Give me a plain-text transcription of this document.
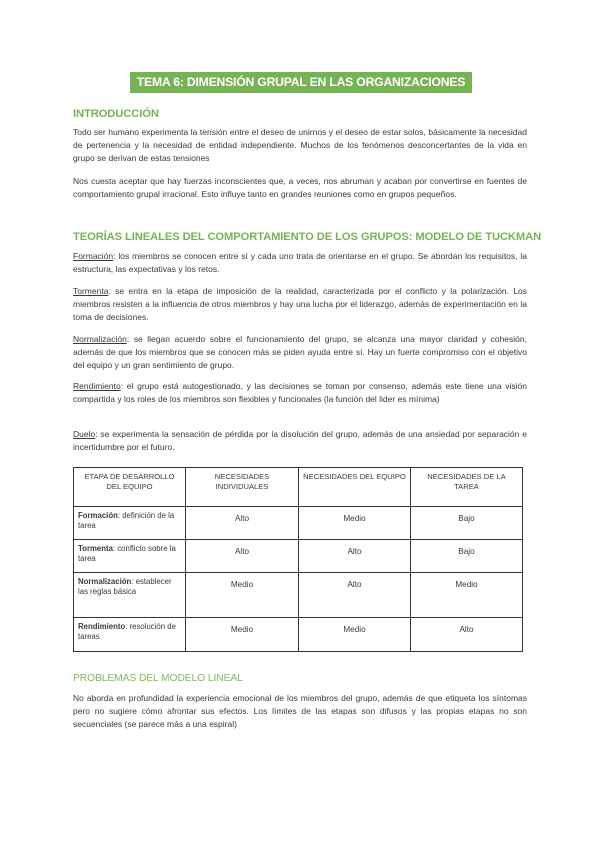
TEMA 6: DIMENSIÓN GRUPAL EN LAS ORGANIZACIONES
INTRODUCCIÓN
Todo ser humano experimenta la tensión entre el deseo de unirnos y el deseo de estar solos, básicamente la necesidad de pertenencia y la necesidad de entidad independiente. Muchos de los fenómenos desconcertantes de la vida en grupo se derivan de estas tensiones
Nos cuesta aceptar que hay fuerzas inconscientes que, a veces, nos abruman y acaban por convertirse en fuentes de comportamiento grupal irracional. Esto influye tanto en grandes reuniones como en grupos pequeños.
TEORÍAS LINEALES DEL COMPORTAMIENTO DE LOS GRUPOS: MODELO DE TUCKMAN
Formación: los miembros se conocen entre sí y cada uno trata de orientarse en el grupo. Se abordan los requisitos, la estructura, las expectativas y los retos.
Tormenta: se entra en la etapa de imposición de la realidad, caracterizada por el conflicto y la polarización. Los miembros resisten a la influencia de otros miembros y hay una lucha por el liderazgo, además de experimentación en la toma de decisiones.
Normalización: se llegan acuerdo sobre el funcionamiento del grupo, se alcanza una mayor claridad y cohesión, además de que los miembros que se conocen más se piden ayuda entre sí. Hay un fuerte compromiso con el objetivo del equipo y un gran sentimiento de grupo.
Rendimiento: el grupo está autogestionado, y las decisiones se toman por consenso, además este tiene una visión compartida y los roles de los miembros son flexibles y funcionales (la función del lider es mínima)
Duelo: se experimenta la sensación de pérdida por la disolución del grupo, además de una ansiedad por separación e incertidumbre por el futuro.
ETAPA DE DESARROLLO DEL EQUIPO	NECESIDADES INDIVIDUALES	NECESIDADES DEL EQUIPO	NECESIDADES DE LA TAREA
Formación: definición de la tarea	Alto	Medio	Bajo
Tormenta: conflicto sobre la tarea	Alto	Alto	Bajo
Normalización: establecer las reglas básica	Medio	Alto	Medio
Rendimiento: resolución de tareas	Medio	Medio	Alto
PROBLEMAS DEL MODELO LINEAL
No aborda en profundidad la experiencia emocional de los miembros del grupo, además de que etiqueta los síntomas pero no sugiere cómo afrontar sus efectos. Los límites de las etapas son difusos y las propias etapas no son secuenciales (se parece más a una espiral)
